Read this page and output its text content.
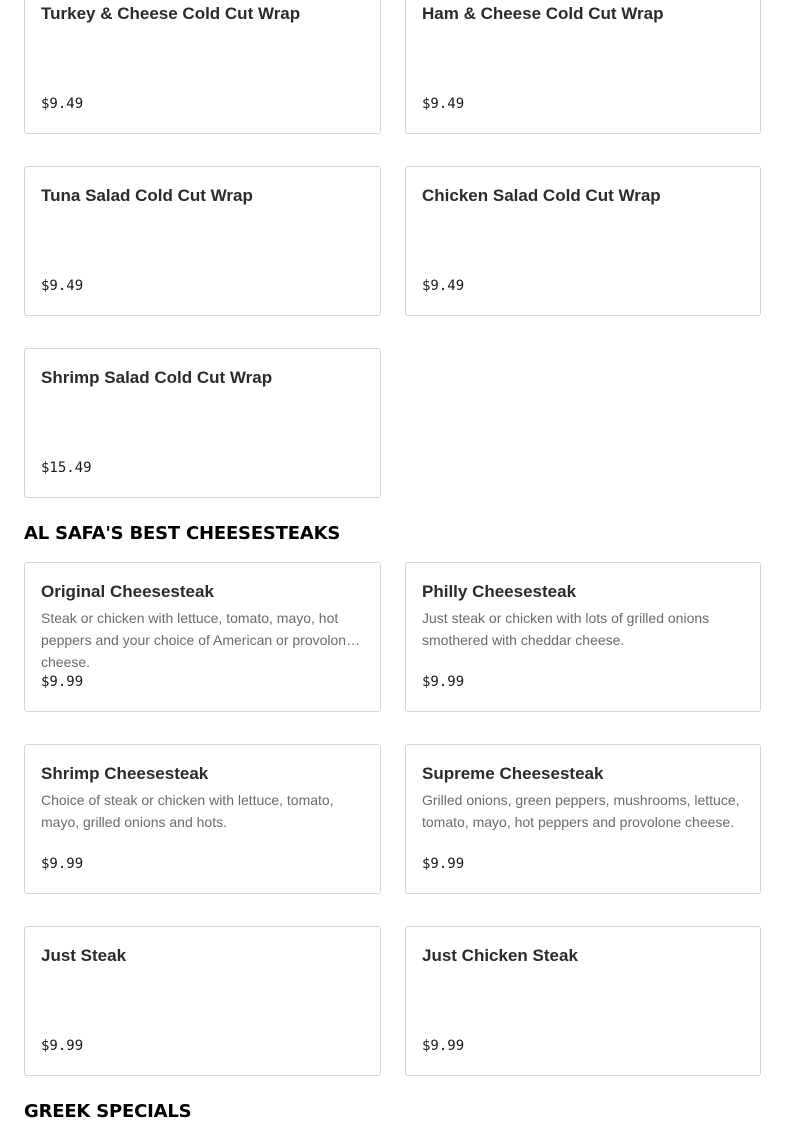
Turkey & Cheese Cold Cut Wrap
$9.49
Ham & Cheese Cold Cut Wrap
$9.49
Tuna Salad Cold Cut Wrap
$9.49
Chicken Salad Cold Cut Wrap
$9.49
Shrimp Salad Cold Cut Wrap
$15.49
AL SAFA'S BEST CHEESESTEAKS
Original Cheesesteak
Steak or chicken with lettuce, tomato, mayo, hot peppers and your choice of American or provolone cheese.
$9.99
Philly Cheesesteak
Just steak or chicken with lots of grilled onions smothered with cheddar cheese.
$9.99
Shrimp Cheesesteak
Choice of steak or chicken with lettuce, tomato, mayo, grilled onions and hots.
$9.99
Supreme Cheesesteak
Grilled onions, green peppers, mushrooms, lettuce, tomato, mayo, hot peppers and provolone cheese.
$9.99
Just Steak
$9.99
Just Chicken Steak
$9.99
GREEK SPECIALS
